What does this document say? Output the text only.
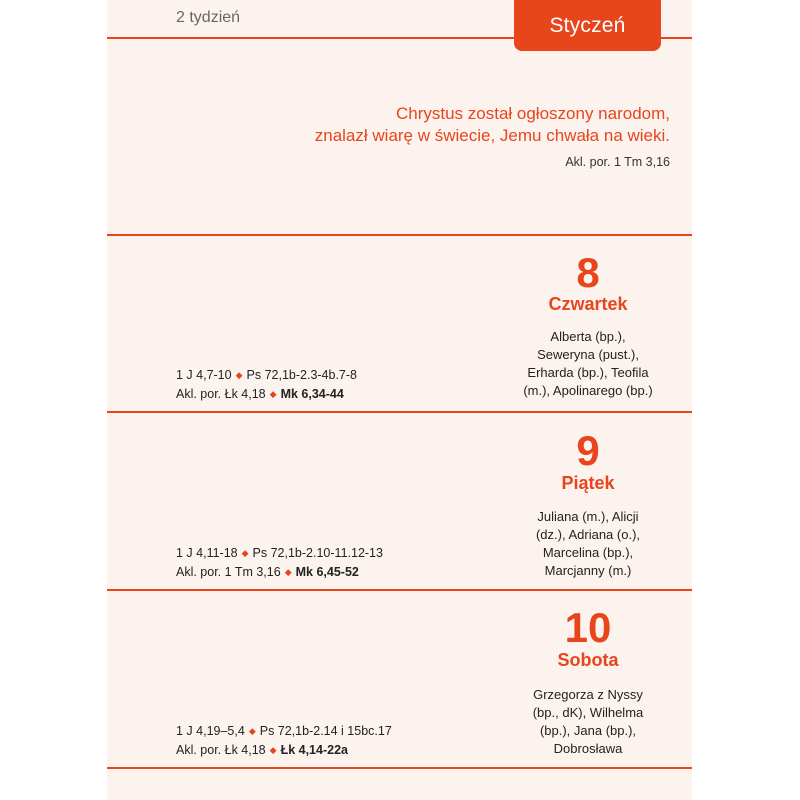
2 tydzień	Styczeń
Chrystus został ogłoszony narodom,
znalazł wiarę w świecie, Jemu chwała na wieki.
Akl. por. 1 Tm 3,16
8
Czwartek
Alberta (bp.),
Seweryna (pust.),
Erharda (bp.), Teofila
(m.), Apolinarego (bp.)
1 J 4,7-10 ◆ Ps 72,1b-2.3-4b.7-8
Akl. por. Łk 4,18 ◆ Mk 6,34-44
9
Piątek
Juliana (m.), Alicji
(dz.), Adriana (o.),
Marcelina (bp.),
Marcjanny (m.)
1 J 4,11-18 ◆ Ps 72,1b-2.10-11.12-13
Akl. por. 1 Tm 3,16 ◆ Mk 6,45-52
10
Sobota
Grzegorza z Nyssy
(bp., dK), Wilhelma
(bp.), Jana (bp.),
Dobrosława
1 J 4,19–5,4 ◆ Ps 72,1b-2.14 i 15bc.17
Akl. por. Łk 4,18 ◆ Łk 4,14-22a
